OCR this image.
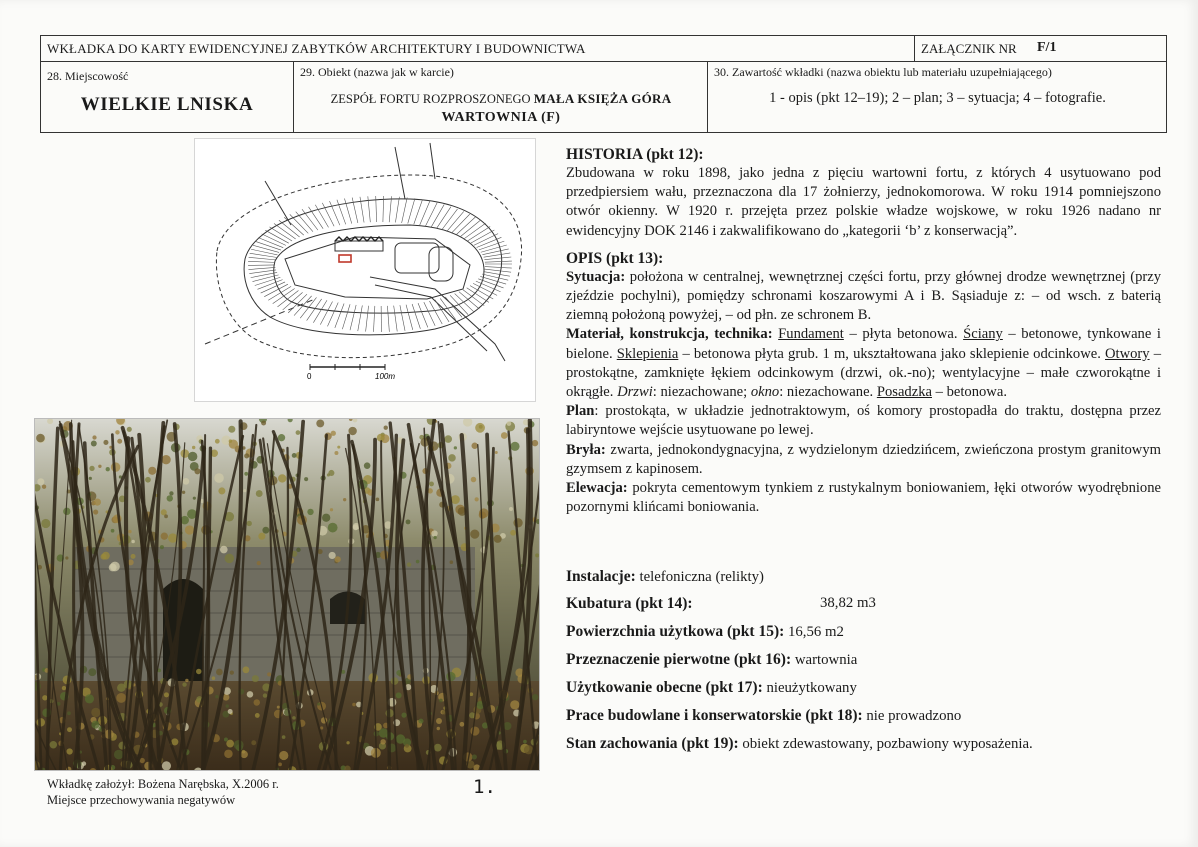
WKŁADKA DO KARTY EWIDENCYJNEJ ZABYTKÓW ARCHITEKTURY I BUDOWNICTWA	ZAŁĄCZNIK NR F/1
28. Miejscowość
WIELKIE LNISKA
29. Obiekt (nazwa jak w karcie)
ZESPÓŁ FORTU ROZPROSZONEGO MAŁA KSIĘŻA GÓRA
WARTOWNIA (F)
30. Zawartość wkładki (nazwa obiektu lub materiału uzupełniającego)
1 - opis (pkt 12–19); 2 – plan; 3 – sytuacja; 4 – fotografie.
0	100m
Wkładkę założył: Bożena Narębska, X.2006 r.
Miejsce przechowywania negatywów
1.
HISTORIA (pkt 12):

Zbudowana w roku 1898, jako jedna z pięciu wartowni fortu, z których 4 usytuowano pod przedpiersiem wału, przeznaczona dla 17 żołnierzy, jednokomorowa. W roku 1914 pomniejszono otwór okienny. W 1920 r. przejęta przez polskie władze wojskowe, w roku 1926 nadano nr ewidencyjny DOK 2146 i zakwalifikowano do „kategorii ‘b’ z konserwacją”.

OPIS (pkt 13):

Sytuacja: położona w centralnej, wewnętrznej części fortu, przy głównej drodze wewnętrznej (przy zjeździe pochylni), pomiędzy schronami koszarowymi A i B. Sąsiaduje z: – od wsch. z baterią ziemną położoną powyżej, – od płn. ze schronem B.

Materiał, konstrukcja, technika: Fundament – płyta betonowa. Ściany – betonowe, tynkowane i bielone. Sklepienia – betonowa płyta grub. 1 m, ukształtowana jako sklepienie odcinkowe. Otwory – prostokątne, zamknięte łękiem odcinkowym (drzwi, ok.-no); wentylacyjne – małe czworokątne i okrągłe. Drzwi: niezachowane; okno: niezachowane. Posadzka – betonowa.

Plan: prostokąta, w układzie jednotraktowym, oś komory prostopadła do traktu, dostępna przez labiryntowe wejście usytuowane po lewej.

Bryła: zwarta, jednokondygnacyjna, z wydzielonym dziedzińcem, zwieńczona prostym granitowym gzymsem z kapinosem.

Elewacja: pokryta cementowym tynkiem z rustykalnym boniowaniem, łęki otworów wyodrębnione pozornymi klińcami boniowania.

Instalacje: telefoniczna (relikty)
Kubatura (pkt 14):	38,82 m3
Powierzchnia użytkowa (pkt 15): 16,56 m2
Przeznaczenie pierwotne (pkt 16): wartownia
Użytkowanie obecne (pkt 17): nieużytkowany
Prace budowlane i konserwatorskie (pkt 18): nie prowadzono
Stan zachowania (pkt 19): obiekt zdewastowany, pozbawiony wyposażenia.
